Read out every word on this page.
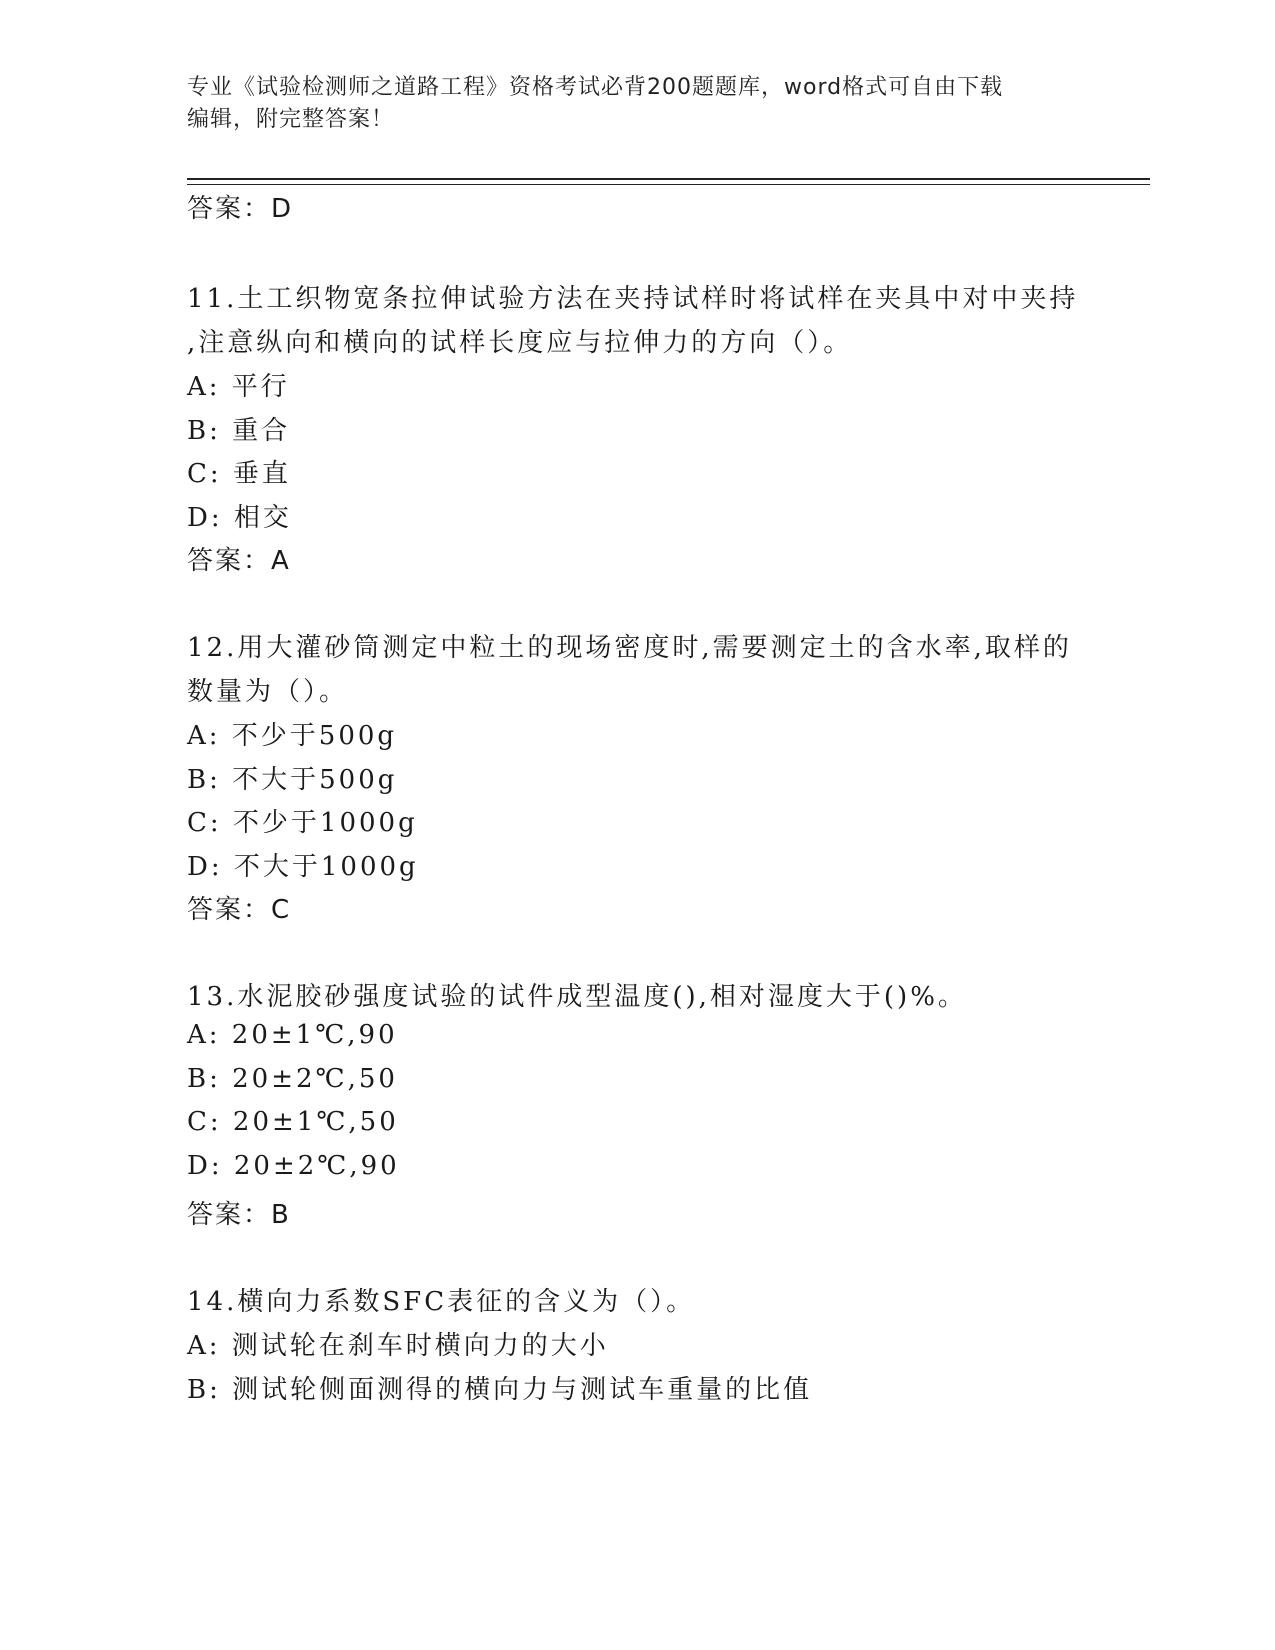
专业《试验检测师之道路工程》资格考试必背200题题库，word格式可自由下载
编辑，附完整答案！
答案：D
11.土工织物宽条拉伸试验方法在夹持试样时将试样在夹具中对中夹持
,注意纵向和横向的试样长度应与拉伸力的方向（）。
A: 平行
B: 重合
C: 垂直
D: 相交
答案：A
12.用大灌砂筒测定中粒土的现场密度时,需要测定土的含水率,取样的
数量为（）。
A: 不少于500g
B: 不大于500g
C: 不少于1000g
D: 不大于1000g
答案：C
13.水泥胶砂强度试验的试件成型温度(),相对湿度大于()%。
A: 20±1℃,90
B: 20±2℃,50
C: 20±1℃,50
D: 20±2℃,90
答案：B
14.横向力系数SFC表征的含义为（）。
A: 测试轮在刹车时横向力的大小
B: 测试轮侧面测得的横向力与测试车重量的比值
